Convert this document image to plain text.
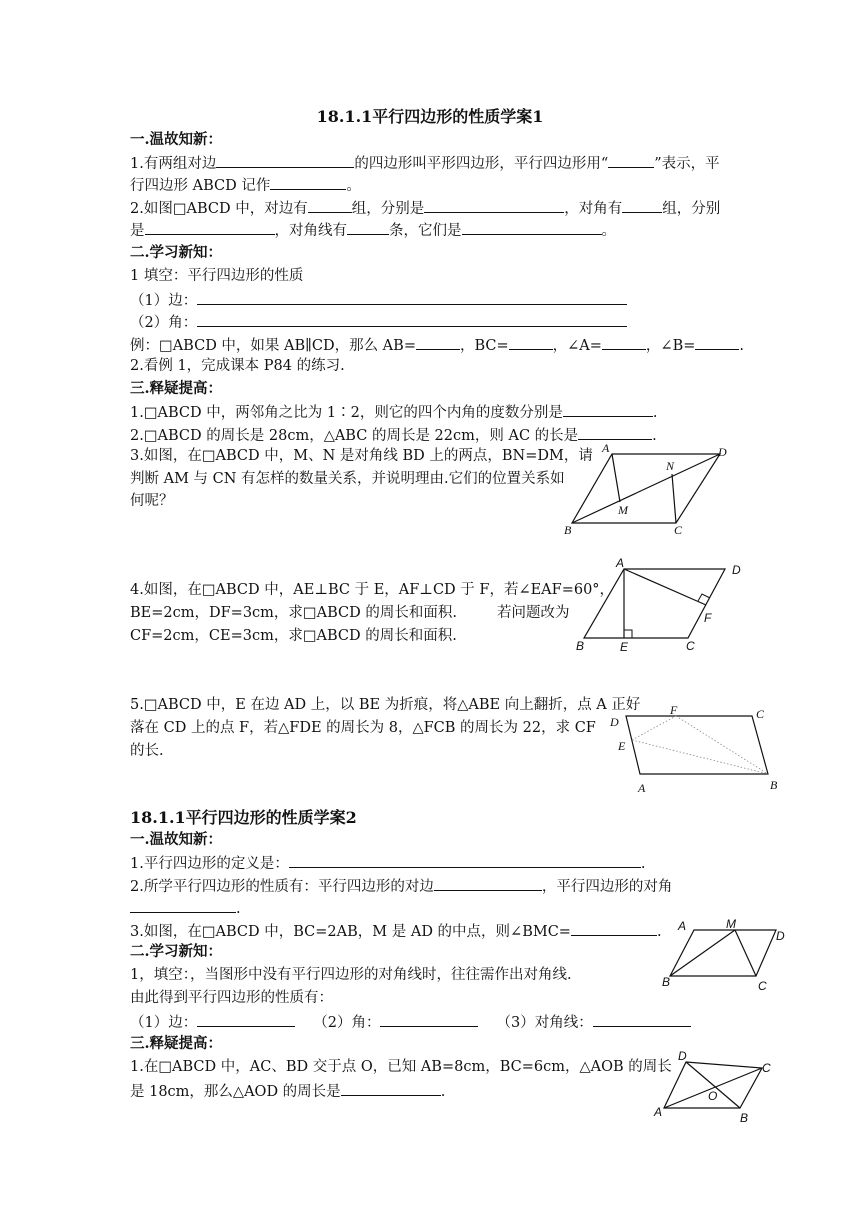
18.1.1平行四边形的性质学案1
一.温故知新：
1.有两组对边	的四边形叫平形四边形，平行四边形用“	”表示，平
行四边形 ABCD 记作	。
2.如图□ABCD 中，对边有	组，分别是	，对角有	组，分别
是	，对角线有	条，它们是	。
二.学习新知：
1 填空：平行四边形的性质
（1）边：
（2）角：
例：□ABCD 中，如果 AB∥CD，那么 AB=	，BC=	，∠A=	，∠B=	.
2.看例 1，完成课本 P84 的练习.
三.释疑提高：
1.□ABCD 中，两邻角之比为 1∶2，则它的四个内角的度数分别是	.
2.□ABCD 的周长是 28cm，△ABC 的周长是 22cm，则 AC 的长是	.
3.如图，在□ABCD 中，M、N 是对角线 BD 上的两点，BN=DM，请
判断 AM 与 CN 有怎样的数量关系，并说明理由.它们的位置关系如
何呢？
A	D
B	C
M
N
4.如图，在□ABCD 中，AE⊥BC 于 E，AF⊥CD 于 F，若∠EAF=60°，
BE=2cm，DF=3cm，求□ABCD 的周长和面积.	若问题改为
CF=2cm，CE=3cm，求□ABCD 的周长和面积.
A	D
B	E	C
F
5.□ABCD 中，E 在边 AD 上，以 BE 为折痕，将△ABE 向上翻折，点 A 正好
落在 CD 上的点 F，若△FDE 的周长为 8，△FCB 的周长为 22，求 CF
的长.
D
F	C
E
A	B
18.1.1平行四边形的性质学案2
一.温故知新：
1.平行四边形的定义是：	.
2.所学平行四边形的性质有：平行四边形的对边	，平行四边形的对角
.
3.如图，在□ABCD 中，BC=2AB，M 是 AD 的中点，则∠BMC=	. A	M
D
B	C
二.学习新知：
1，填空：，当图形中没有平行四边形的对角线时，往往需作出对角线.
由此得到平行四边形的性质有：
（1）边：	（2）角：	（3）对角线：
三.释疑提高：
1.在□ABCD 中，AC、BD 交于点 O，已知 AB=8cm，BC=6cm，△AOB 的周长
是 18cm，那么△AOD 的周长是	.
D
C
O
A	B
